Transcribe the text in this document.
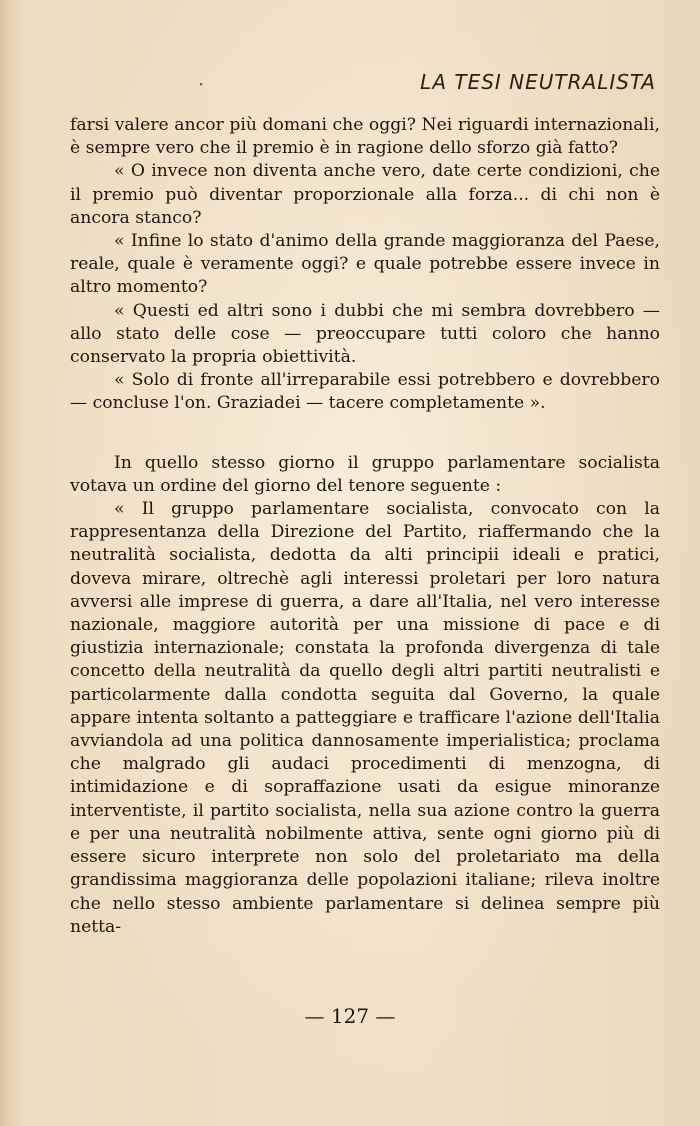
·	LA TESI NEUTRALISTA

farsi valere ancor più domani che oggi? Nei riguardi internazionali, è sempre vero che il premio è in ragione dello sforzo già fatto?

« O invece non diventa anche vero, date certe condizioni, che il premio può diventar proporzionale alla forza... di chi non è ancora stanco?

« Infine lo stato d'animo della grande maggioranza del Paese, reale, quale è veramente oggi? e quale potrebbe essere invece in altro momento?

« Questi ed altri sono i dubbi che mi sembra dovrebbero — allo stato delle cose — preoccupare tutti coloro che hanno conservato la propria obiettività.

« Solo di fronte all'irreparabile essi potrebbero e dovrebbero — concluse l'on. Graziadei — tacere completamente ».

In quello stesso giorno il gruppo parlamentare socialista votava un ordine del giorno del tenore seguente :

« Il gruppo parlamentare socialista, convocato con la rappresentanza della Direzione del Partito, riaffermando che la neutralità socialista, dedotta da alti principii ideali e pratici, doveva mirare, oltrechè agli interessi proletari per loro natura avversi alle imprese di guerra, a dare all'Italia, nel vero interesse nazionale, maggiore autorità per una missione di pace e di giustizia internazionale; constata la profonda divergenza di tale concetto della neutralità da quello degli altri partiti neutralisti e particolarmente dalla condotta seguita dal Governo, la quale appare intenta soltanto a patteggiare e trafficare l'azione dell'Italia avviandola ad una politica dannosamente imperialistica; proclama che malgrado gli audaci procedimenti di menzogna, di intimidazione e di sopraffazione usati da esigue minoranze interventiste, il partito socialista, nella sua azione contro la guerra e per una neutralità nobilmente attiva, sente ogni giorno più di essere sicuro interprete non solo del proletariato ma della grandissima maggioranza delle popolazioni italiane; rileva inoltre che nello stesso ambiente parlamentare si delinea sempre più netta-

— 127 —
